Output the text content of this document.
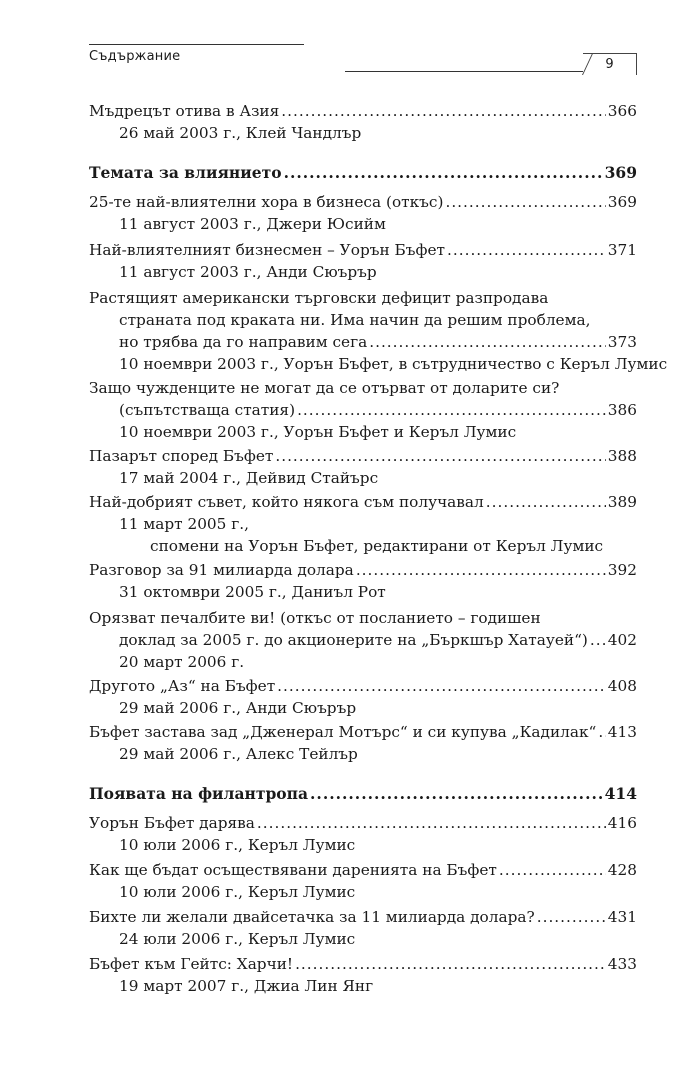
Съдържание
9
Мъдрецът отива в Азия .....	366
26 май 2003 г., Клей Чандлър
Темата за влиянието .....	369
25-те най-влиятелни хора в бизнеса (откъс) .....	369
11 август 2003 г., Джери Юсийм
Най-влиятелният бизнесмен – Уорън Бъфет .....	371
11 август 2003 г., Анди Сюърър
Растящият американски търговски дефицит разпродава
страната под краката ни. Има начин да решим проблема,
но трябва да го направим сега .....	373
10 ноември 2003 г., Уорън Бъфет, в сътрудничество с Керъл Лумис
Защо чужденците не могат да се отърват от доларите си?
(съпътстваща статия) .....	386
10 ноември 2003 г., Уорън Бъфет и Керъл Лумис
Пазарът според Бъфет .....	388
17 май 2004 г., Дейвид Стайърс
Най-добрият съвет, който някога съм получавал .....	389
11 март 2005 г.,
спомени на Уорън Бъфет, редактирани от Керъл Лумис
Разговор за 91 милиарда долара .....	392
31 октомври 2005 г., Даниъл Рот
Орязват печалбите ви! (откъс от посланието – годишен
доклад за 2005 г. до акционерите на „Бъркшър Хатауей“) ..... 402
20 март 2006 г.
Другото „Аз“ на Бъфет .....	408
29 май 2006 г., Анди Сюърър
Бъфет застава зад „Дженерал Мотърс“ и си купува „Кадилак“ ..... 413
29 май 2006 г., Алекс Тейлър
Появата на филантропа .....	414
Уорън Бъфет дарява .....	416
10 юли 2006 г., Керъл Лумис
Как ще бъдат осъществявани даренията на Бъфет .....	428
10 юли 2006 г., Керъл Лумис
Бихте ли желали двайсетачка за 11 милиарда долара? .....	431
24 юли 2006 г., Керъл Лумис
Бъфет към Гейтс: Харчи! .....	433
19 март 2007 г., Джиа Лин Янг
